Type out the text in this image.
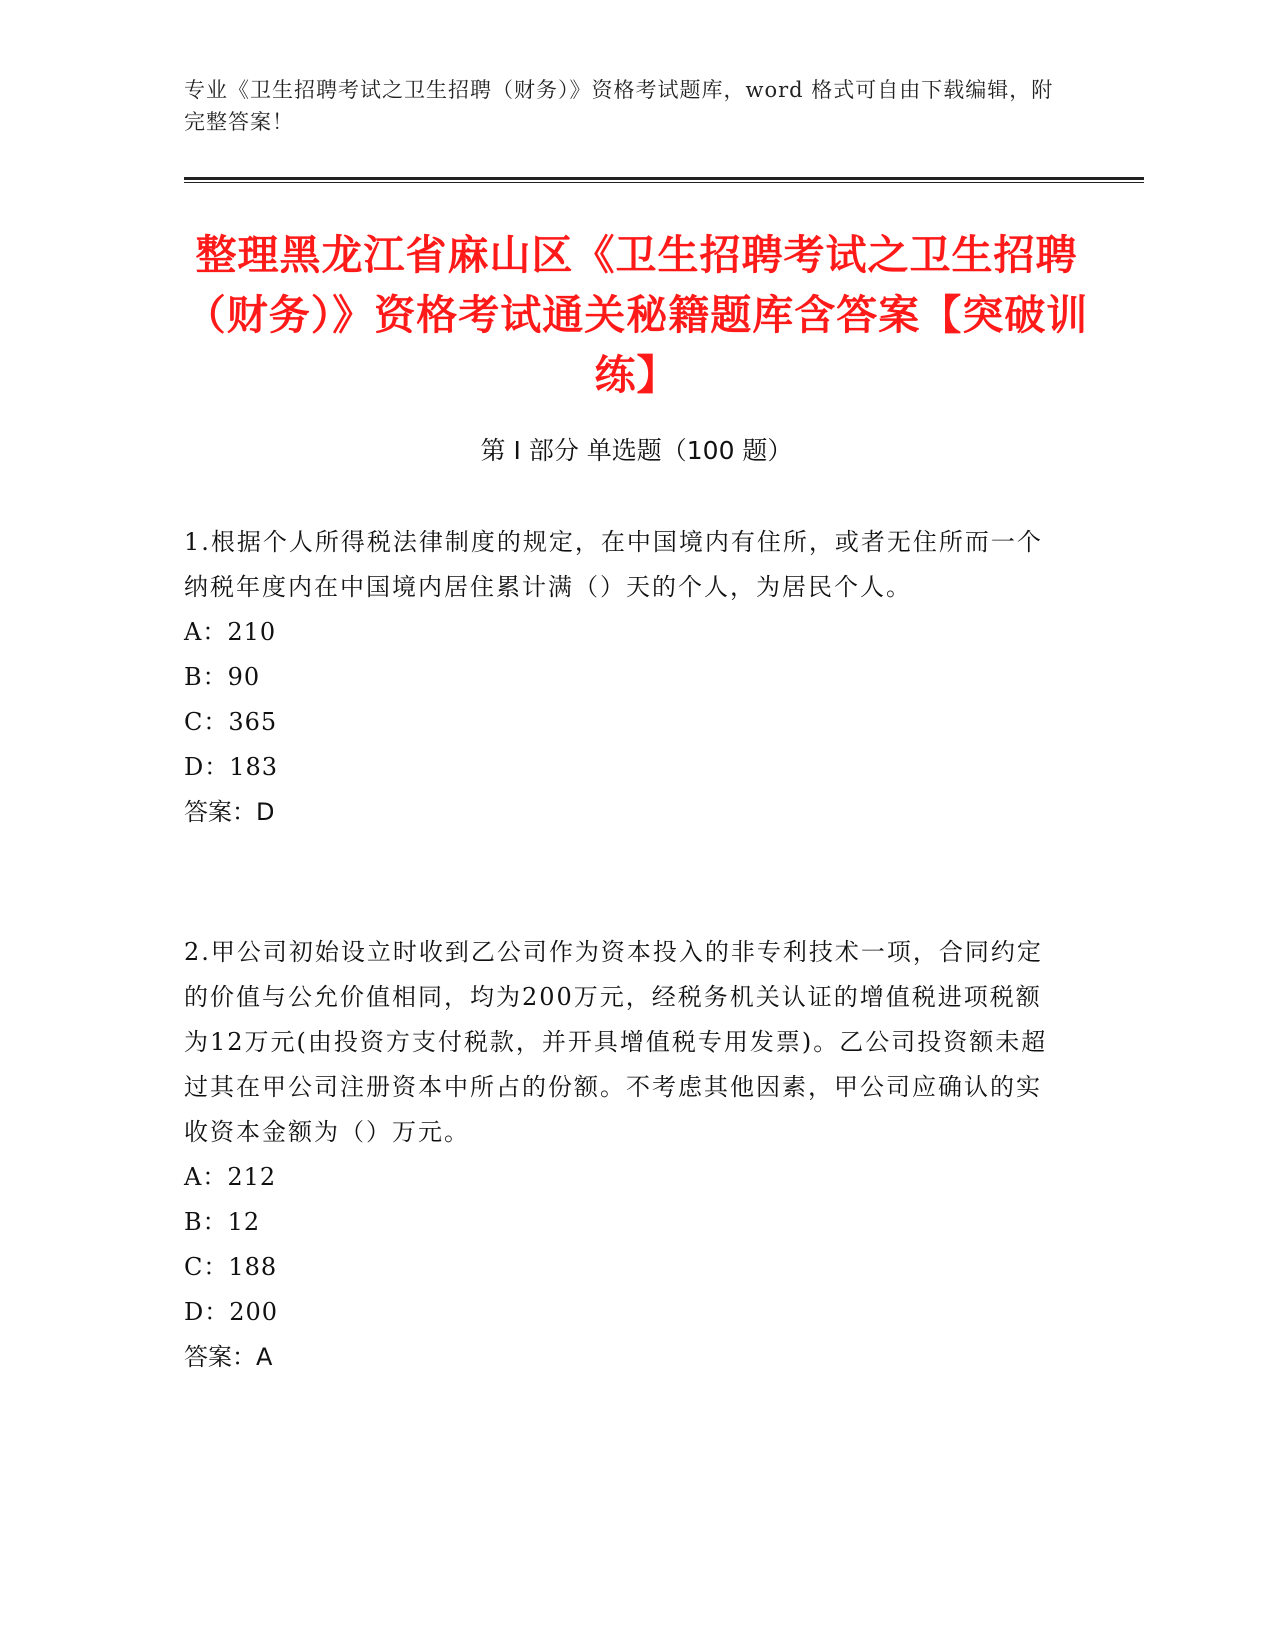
专业《卫生招聘考试之卫生招聘（财务）》资格考试题库，word 格式可自由下载编辑，附完整答案！
整理黑龙江省麻山区《卫生招聘考试之卫生招聘（财务）》资格考试通关秘籍题库含答案【突破训练】
第 I 部分 单选题（100 题）

1.根据个人所得税法律制度的规定，在中国境内有住所，或者无住所而一个纳税年度内在中国境内居住累计满（）天的个人，为居民个人。

A：210

B：90

C：365

D：183

答案：D

2.甲公司初始设立时收到乙公司作为资本投入的非专利技术一项，合同约定的价值与公允价值相同，均为200万元，经税务机关认证的增值税进项税额为12万元(由投资方支付税款，并开具增值税专用发票)。乙公司投资额未超过其在甲公司注册资本中所占的份额。不考虑其他因素，甲公司应确认的实收资本金额为（）万元。

A：212

B：12

C：188

D：200

答案：A
